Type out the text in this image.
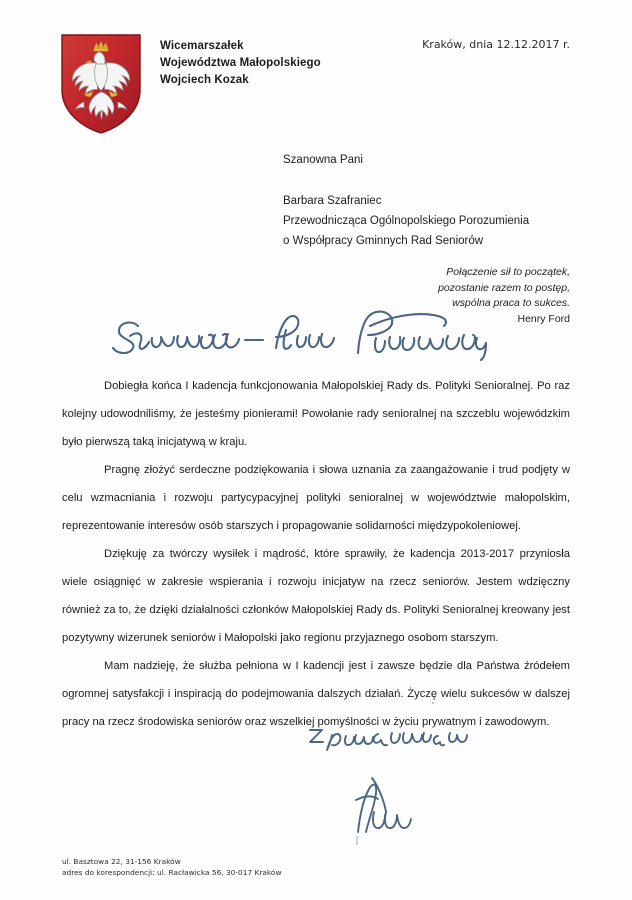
Wicemarszałek
Województwa Małopolskiego
Wojciech Kozak
Kraków, dnia 12.12.2017 r.
Szanowna Pani
Barbara Szafraniec
Przewodnicząca Ogólnopolskiego Porozumienia
o Współpracy Gminnych Rad Seniorów
Połączenie sił to początek,
pozostanie razem to postęp,
wspólna praca to sukces.
Henry Ford

Dobiegła końca I kadencja funkcjonowania Małopolskiej Rady ds. Polityki Senioralnej. Po raz kolejny udowodniliśmy, że jesteśmy pionierami! Powołanie rady senioralnej na szczeblu wojewódzkim było pierwszą taką inicjatywą w kraju.

Pragnę złożyć serdeczne podziękowania i słowa uznania za zaangażowanie i trud podjęty w celu wzmacniania i rozwoju partycypacyjnej polityki senioralnej w województwie małopolskim, reprezentowanie interesów osób starszych i propagowanie solidarności międzypokoleniowej.

Dziękuję za twórczy wysiłek i mądrość, które sprawiły, że kadencja 2013-2017 przyniosła wiele osiągnięć w zakresie wspierania i rozwoju inicjatyw na rzecz seniorów. Jestem wdzięczny również za to, że dzięki działalności członków Małopolskiej Rady ds. Polityki Senioralnej kreowany jest pozytywny wizerunek seniorów i Małopolski jako regionu przyjaznego osobom starszym.

Mam nadzieję, że służba pełniona w I kadencji jest i zawsze będzie dla Państwa źródełem ogromnej satysfakcji i inspiracją do podejmowania dalszych działań. Życzę wielu sukcesów w dalszej pracy na rzecz środowiska seniorów oraz wszelkiej pomyślności w życiu prywatnym i zawodowym.

ul. Basztowa 22, 31-156 Kraków
adres do korespondencji: ul. Racławicka 56, 30-017 Kraków
